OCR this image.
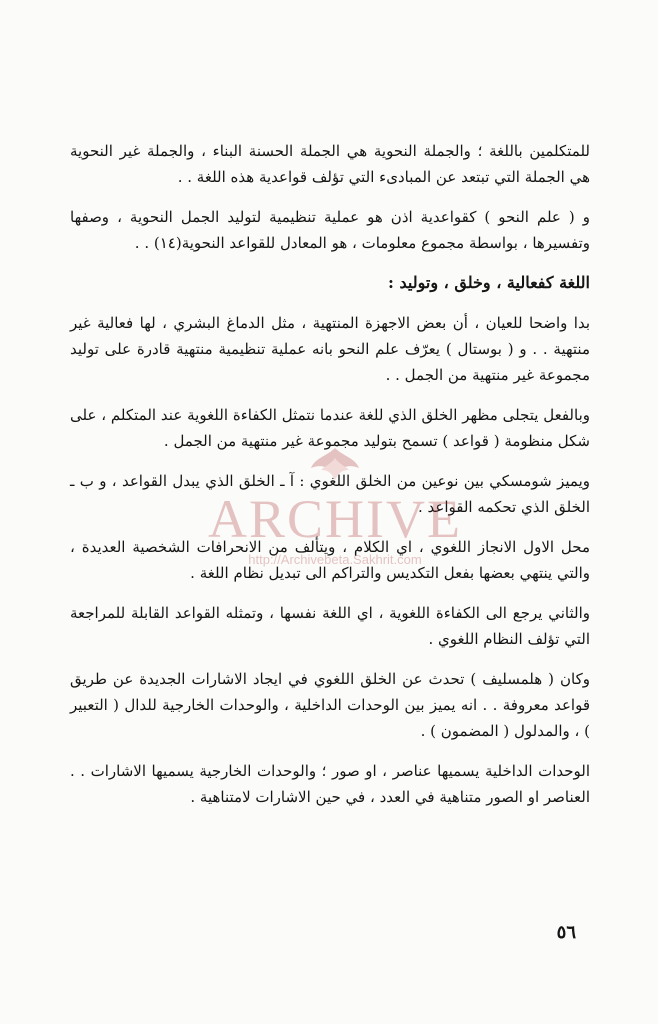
للمتكلمين باللغة ؛ والجملة النحوية هي الجملة الحسنة البناء ، والجملة غير النحوية هي الجملة التي تبتعد عن المبادىء التي تؤلف قواعدية هذه اللغة . .

و ( علم النحو ) كقواعدية اذن هو عملية تنظيمية لتوليد الجمل النحوية ، وصفها وتفسيرها ، بواسطة مجموع معلومات ، هو المعادل للقواعد النحوية(١٤) . .

اللغة كفعالية ، وخلق ، وتوليد :

بدا واضحا للعيان ، أن بعض الاجهزة المنتهية ، مثل الدماغ البشري ، لها فعالية غير منتهية . . و ( بوستال ) يعرّف علم النحو بانه عملية تنظيمية منتهية قادرة على توليد مجموعة غير منتهية من الجمل . .

وبالفعل يتجلى مظهر الخلق الذي للغة عندما نتمثل الكفاءة اللغوية عند المتكلم ، على شكل منظومة ( قواعد ) تسمح بتوليد مجموعة غير منتهية من الجمل .

ويميز شومسكي بين نوعين من الخلق اللغوي : آ ـ الخلق الذي يبدل القواعد ، و ب ـ الخلق الذي تحكمه القواعد .

محل الاول الانجاز اللغوي ، اي الكلام ، ويتألف من الانحرافات الشخصية العديدة ، والتي ينتهي بعضها بفعل التكديس والتراكم الى تبديل نظام اللغة .

والثاني يرجع الى الكفاءة اللغوية ، اي اللغة نفسها ، وتمثله القواعد القابلة للمراجعة التي تؤلف النظام اللغوي .

وكان ( هلمسليف ) تحدث عن الخلق اللغوي في ايجاد الاشارات الجديدة عن طريق قواعد معروفة . . انه يميز بين الوحدات الداخلية ، والوحدات الخارجية للدال ( التعبير ) ، والمدلول ( المضمون ) .

الوحدات الداخلية يسميها عناصر ، او صور ؛ والوحدات الخارجية يسميها الاشارات . . العناصر او الصور متناهية في العدد ، في حين الاشارات لامتناهية .

٥٦
ARCHIVE
http://Archivebeta.Sakhrit.com
